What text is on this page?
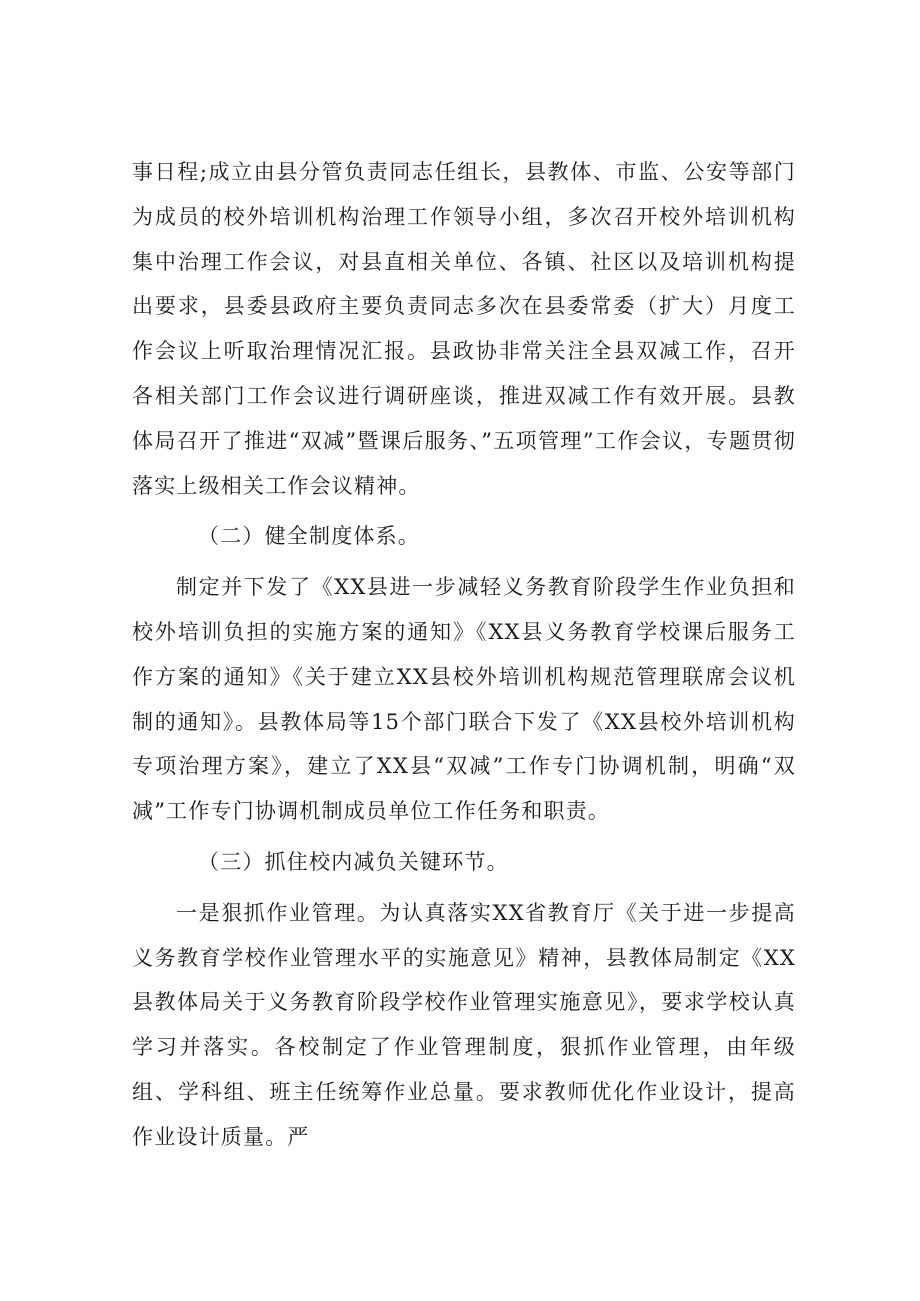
事日程;成立由县分管负责同志任组长，县教体、市监、公安等部门为成员的校外培训机构治理工作领导小组，多次召开校外培训机构集中治理工作会议，对县直相关单位、各镇、社区以及培训机构提出要求，县委县政府主要负责同志多次在县委常委（扩大）月度工作会议上听取治理情况汇报。县政协非常关注全县双减工作，召开各相关部门工作会议进行调研座谈，推进双减工作有效开展。县教体局召开了推进“双减”暨课后服务、”五项管理”工作会议，专题贯彻落实上级相关工作会议精神。

（二）健全制度体系。

制定并下发了《XX县进一步减轻义务教育阶段学生作业负担和校外培训负担的实施方案的通知》《XX县义务教育学校课后服务工作方案的通知》《关于建立XX县校外培训机构规范管理联席会议机制的通知》。县教体局等15个部门联合下发了《XX县校外培训机构专项治理方案》，建立了XX县“双减”工作专门协调机制，明确“双减”工作专门协调机制成员单位工作任务和职责。

（三）抓住校内减负关键环节。

一是狠抓作业管理。为认真落实XX省教育厅《关于进一步提高义务教育学校作业管理水平的实施意见》精神，县教体局制定《XX县教体局关于义务教育阶段学校作业管理实施意见》，要求学校认真学习并落实。各校制定了作业管理制度，狠抓作业管理，由年级组、学科组、班主任统筹作业总量。要求教师优化作业设计，提高作业设计质量。严
